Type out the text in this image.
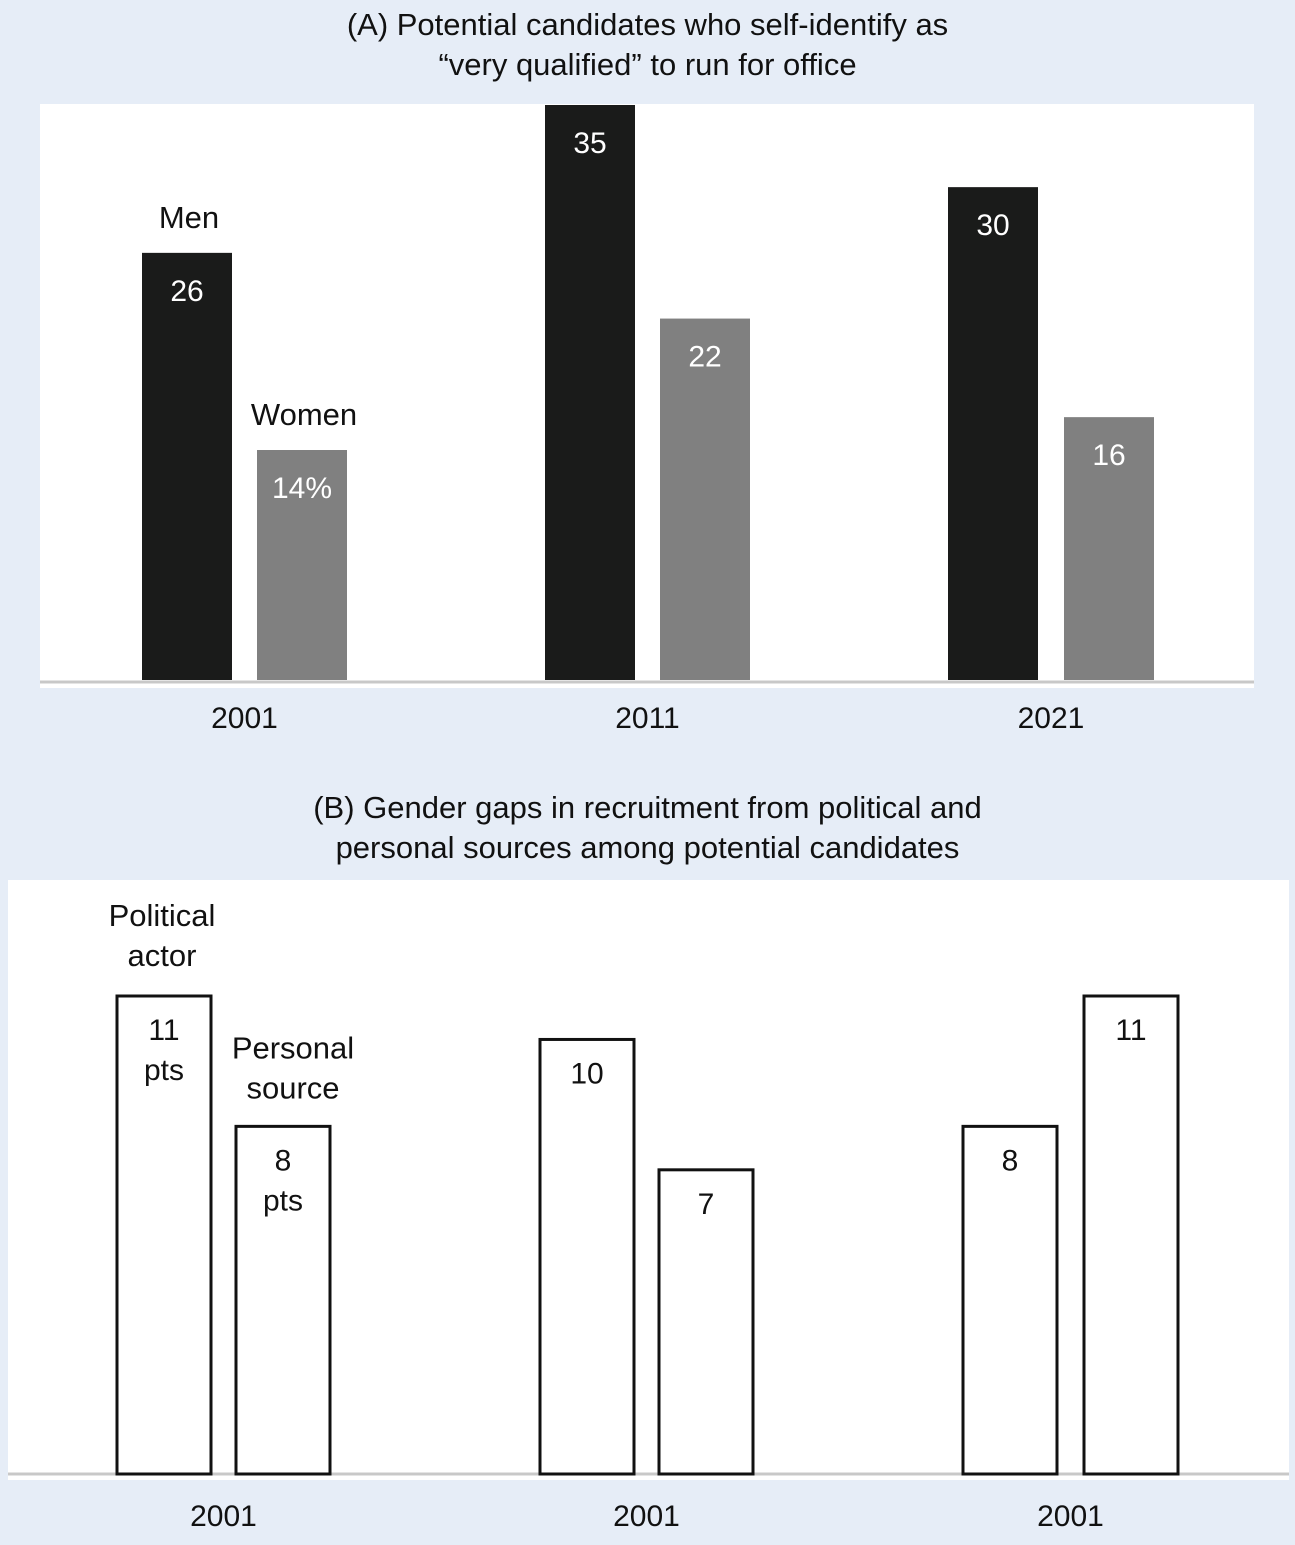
(A) Potential candidates who self-identify as
“very qualified” to run for office
26
Men
35
30
14%
Women
22
16
(B) Gender gaps in recruitment from political and
personal sources among potential candidates
11 pts	10
8
8 pts	7
11
Political actor
Personal source
2001	2011	2021
2001	2001	2001
